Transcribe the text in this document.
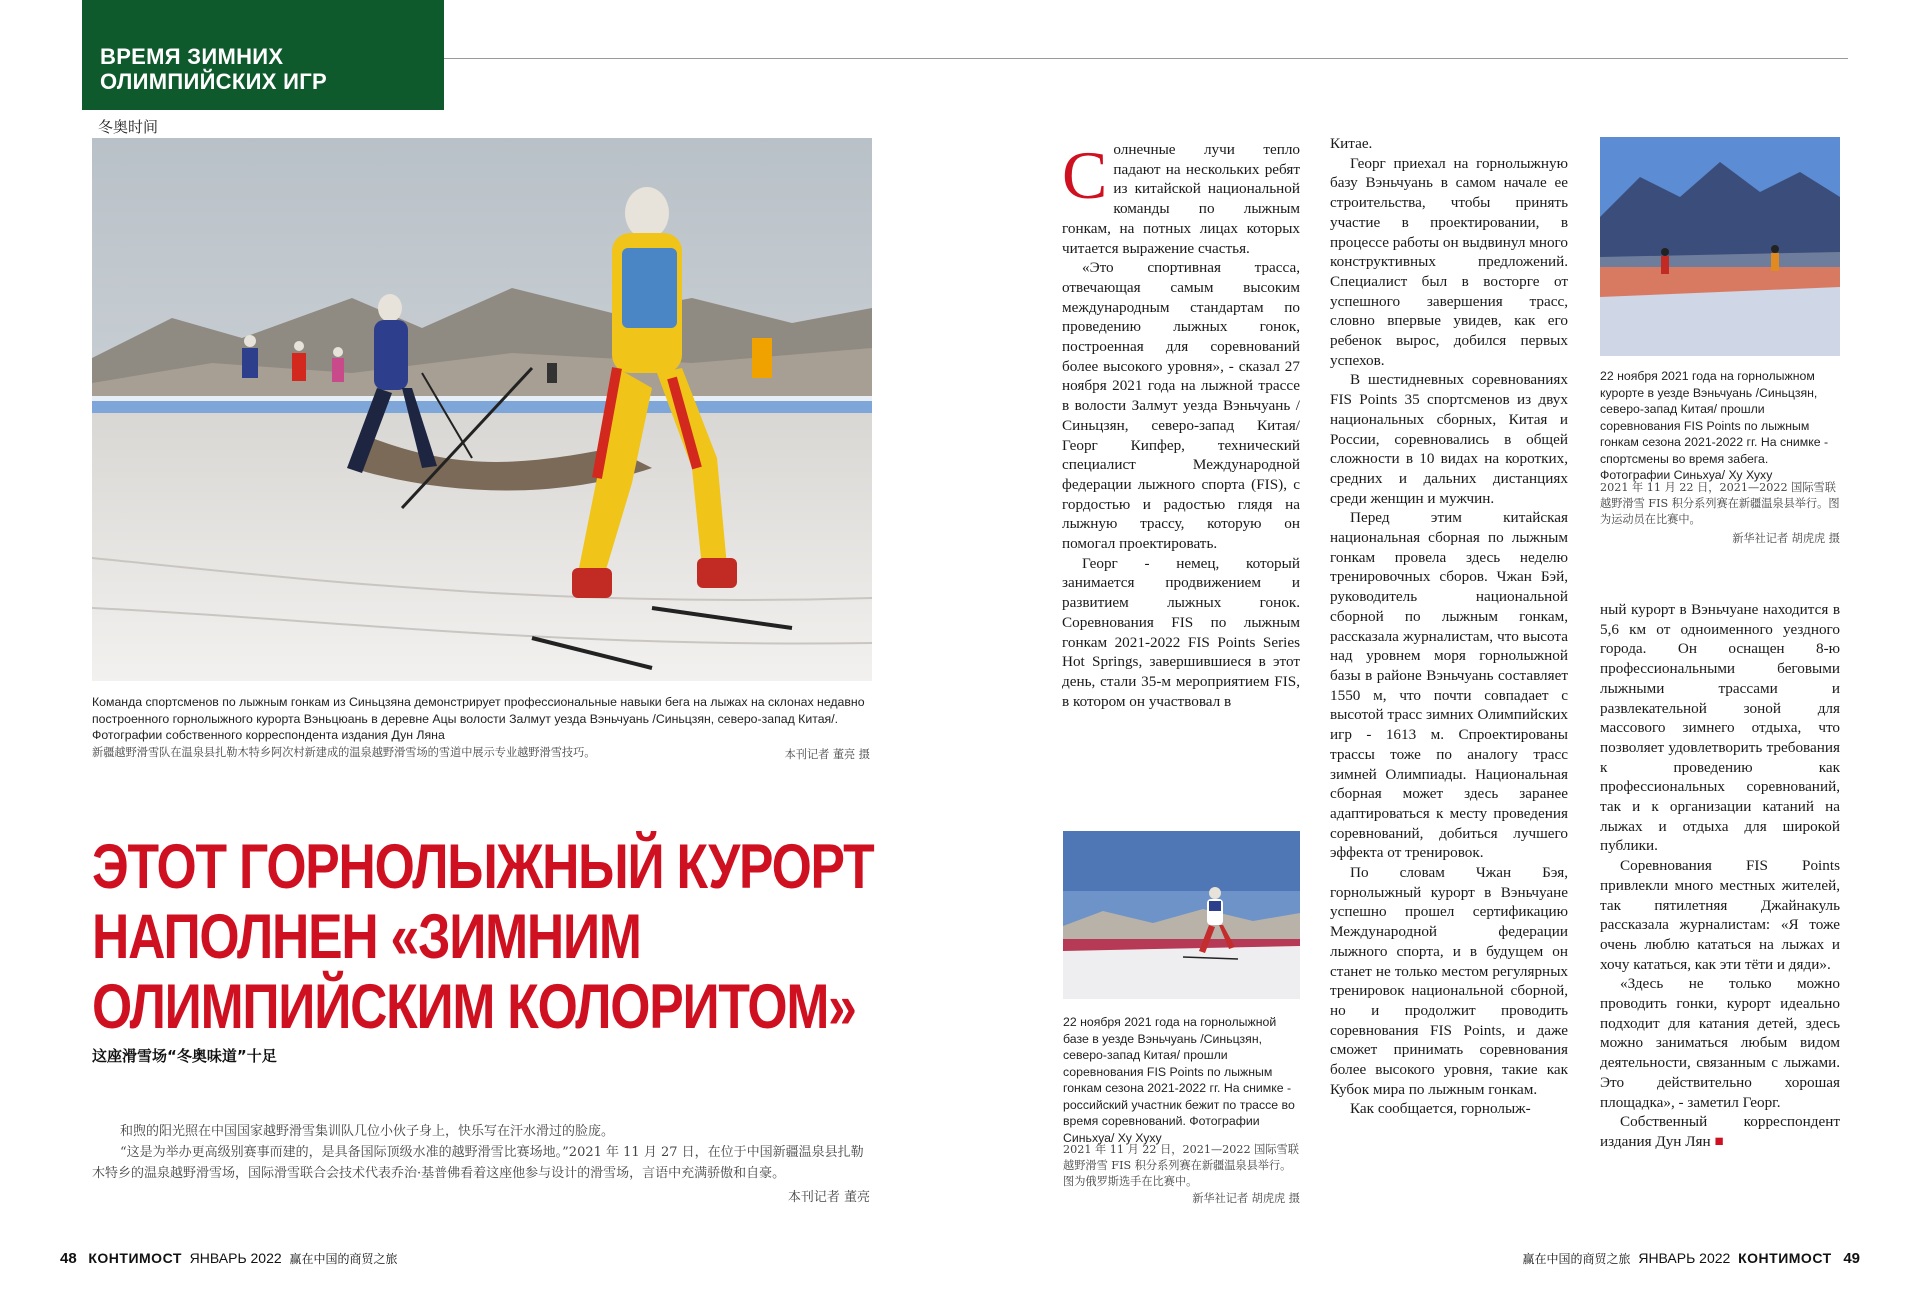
ВРЕМЯ ЗИМНИХ
ОЛИМПИЙСКИХ ИГР
冬奥时间
Команда спортсменов по лыжным гонкам из Синьцзяна демонстрирует профессиональные навыки бега на лыжах на склонах недавно построенного горнолыжного курорта Вэньцюань в деревне Ацы волости Залмут уезда Вэньчуань /Синьцзян, северо-запад Китая/. Фотографии собственного корреспондента издания Дун Ляна
新疆越野滑雪队在温泉县扎勒木特乡阿次村新建成的温泉越野滑雪场的雪道中展示专业越野滑雪技巧。	本刊记者 董亮 摄
ЭТОТ ГОРНОЛЫЖНЫЙ КУРОРТ
НАПОЛНЕН «ЗИМНИМ
ОЛИМПИЙСКИМ КОЛОРИТОМ»
这座滑雪场“冬奥味道”十足

和煦的阳光照在中国国家越野滑雪集训队几位小伙子身上，快乐写在汗水滑过的脸庞。

“这是为举办更高级别赛事而建的，是具备国际顶级水准的越野滑雪比赛场地。”2021 年 11 月 27 日，在位于中国新疆温泉县扎勒木特乡的温泉越野滑雪场，国际滑雪联合会技术代表乔治·基普佛看着这座他参与设计的滑雪场，言语中充满骄傲和自豪。

本刊记者 董亮

Солнечные лучи тепло падают на нескольких ребят из китайской национальной команды по лыжным гонкам, на потных лицах которых читается выражение счастья.

«Это спортивная трасса, отвечающая самым высоким международным стандартам по проведению лыжных гонок, построенная для соревнований более высокого уровня», - сказал 27 ноября 2021 года на лыжной трассе в волости Залмут уезда Вэньчуань /Синьцзян, северо-запад Китая/ Георг Кипфер, технический специалист Международной федерации лыжного спорта (FIS), с гордостью и радостью глядя на лыжную трассу, которую он помогал проектировать.

Георг - немец, который занимается продвижением и развитием лыжных гонок. Соревнования FIS по лыжным гонкам 2021-2022 FIS Points Series Hot Springs, завершившиеся в этот день, стали 35-м мероприятием FIS, в котором он участвовал в

22 ноября 2021 года на горнолыжной базе в уезде Вэньчуань /Синьцзян, северо-запад Китая/ прошли соревнования FIS Points по лыжным гонкам сезона 2021-2022 гг. На снимке - российский участник бежит по трассе во время соревнований. Фотографии Синьхуа/ Ху Хуху
2021 年 11 月 22 日，2021—2022 国际雪联越野滑雪 FIS 积分系列赛在新疆温泉县举行。图为俄罗斯选手在比赛中。
新华社记者 胡虎虎 摄

Китае.

Георг приехал на горнолыжную базу Вэньчуань в самом начале ее строительства, чтобы принять участие в проектировании, в процессе работы он выдвинул много конструктивных предложений. Специалист был в восторге от успешного завершения трасс, словно впервые увидев, как его ребенок вырос, добился первых успехов.

В шестидневных соревнованиях FIS Points 35 спортсменов из двух национальных сборных, Китая и России, соревновались в общей сложности в 10 видах на коротких, средних и дальних дистанциях среди женщин и мужчин.

Перед этим китайская национальная сборная по лыжным гонкам провела здесь неделю тренировочных сборов. Чжан Бэй, руководитель национальной сборной по лыжным гонкам, рассказала журналистам, что высота над уровнем моря горнолыжной базы в районе Вэньчуань составляет 1550 м, что почти совпадает с высотой трасс зимних Олимпийских игр - 1613 м. Спроектированы трассы тоже по аналогу трасс зимней Олимпиады. Национальная сборная может здесь заранее адаптироваться к месту проведения соревнований, добиться лучшего эффекта от тренировок.

По словам Чжан Бэя, горнолыжный курорт в Вэньчуане успешно прошел сертификацию Международной федерации лыжного спорта, и в будущем он станет не только местом регулярных тренировок национальной сборной, но и продолжит проводить соревнования FIS Points, и даже сможет принимать соревнования более высокого уровня, такие как Кубок мира по лыжным гонкам.

Как сообщается, горнолыж-

22 ноября 2021 года на горнолыжном курорте в уезде Вэньчуань /Синьцзян, северо-запад Китая/ прошли соревнования FIS Points по лыжным гонкам сезона 2021-2022 гг. На снимке - спортсмены во время забега. Фотографии Синьхуа/ Ху Хуху
2021 年 11 月 22 日，2021—2022 国际雪联越野滑雪 FIS 积分系列赛在新疆温泉县举行。图为运动员在比赛中。
新华社记者 胡虎虎 摄

ный курорт в Вэньчуане находится в 5,6 км от одноименного уездного города. Он оснащен 8-ю профессиональными беговыми лыжными трассами и развлекательной зоной для массового зимнего отдыха, что позволяет удовлетворить требования к проведению как профессиональных соревнований, так и к организации катаний на лыжах и отдыха для широкой публики.

Соревнования FIS Points привлекли много местных жителей, так пятилетняя Джайнакуль рассказала журналистам: «Я тоже очень люблю кататься на лыжах и хочу кататься, как эти тёти и дяди».

«Здесь не только можно проводить гонки, курорт идеально подходит для катания детей, здесь можно заниматься любым видом деятельности, связанным с лыжами. Это действительно хорошая площадка», - заметил Георг.

Собственный корреспондент издания Дун Лян ■

48 КОНТИМОСТ ЯНВАРЬ 2022 赢在中国的商贸之旅	赢在中国的商贸之旅 ЯНВАРЬ 2022 КОНТИМОСТ 49
